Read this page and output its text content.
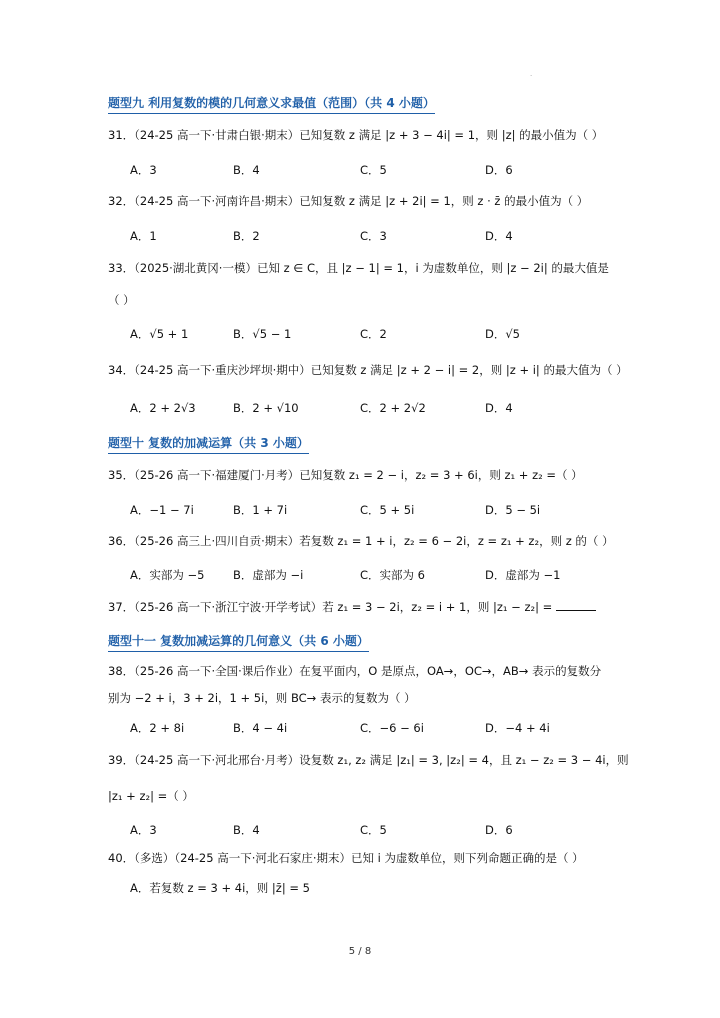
·
题型九 利用复数的模的几何意义求最值（范围）（共 4 小题）
31．（24-25 高一下·甘肃白银·期末）已知复数 z 满足 |z + 3 − 4i| = 1，则 |z| 的最小值为（ ）
A．3	B．4	C．5	D．6
32．（24-25 高一下·河南许昌·期末）已知复数 z 满足 |z + 2i| = 1，则 z · z̄ 的最小值为（ ）
A．1	B．2	C．3	D．4
33．（2025·湖北黄冈·一模）已知 z ∈ C，且 |z − 1| = 1，i 为虚数单位，则 |z − 2i| 的最大值是
（ ）
A．√5 + 1	B．√5 − 1	C．2	D．√5
34．（24-25 高一下·重庆沙坪坝·期中）已知复数 z 满足 |z + 2 − i| = 2，则 |z + i| 的最大值为（ ）
A．2 + 2√3	B．2 + √10	C．2 + 2√2	D．4
题型十 复数的加减运算（共 3 小题）
35．（25-26 高一下·福建厦门·月考）已知复数 z₁ = 2 − i，z₂ = 3 + 6i，则 z₁ + z₂ =（ ）
A．−1 − 7i	B．1 + 7i	C．5 + 5i	D．5 − 5i
36．（25-26 高三上·四川自贡·期末）若复数 z₁ = 1 + i，z₂ = 6 − 2i，z = z₁ + z₂，则 z 的（ ）
A．实部为 −5 B．虚部为 −i	C．实部为 6	D．虚部为 −1
37．（25-26 高一下·浙江宁波·开学考试）若 z₁ = 3 − 2i，z₂ = i + 1，则 |z₁ − z₂| =
题型十一 复数加减运算的几何意义（共 6 小题）
38．（25-26 高一下·全国·课后作业）在复平面内，O 是原点，OA→，OC→，AB→ 表示的复数分
别为 −2 + i，3 + 2i，1 + 5i，则 BC→ 表示的复数为（ ）
A．2 + 8i	B．4 − 4i	C．−6 − 6i	D．−4 + 4i
39．（24-25 高一下·河北邢台·月考）设复数 z₁, z₂ 满足 |z₁| = 3, |z₂| = 4，且 z₁ − z₂ = 3 − 4i，则
|z₁ + z₂| =（ ）
A．3	B．4	C．5	D．6
40．（多选）（24-25 高一下·河北石家庄·期末）已知 i 为虚数单位，则下列命题正确的是（ ）
A．若复数 z = 3 + 4i，则 |z̄| = 5
5 / 8
